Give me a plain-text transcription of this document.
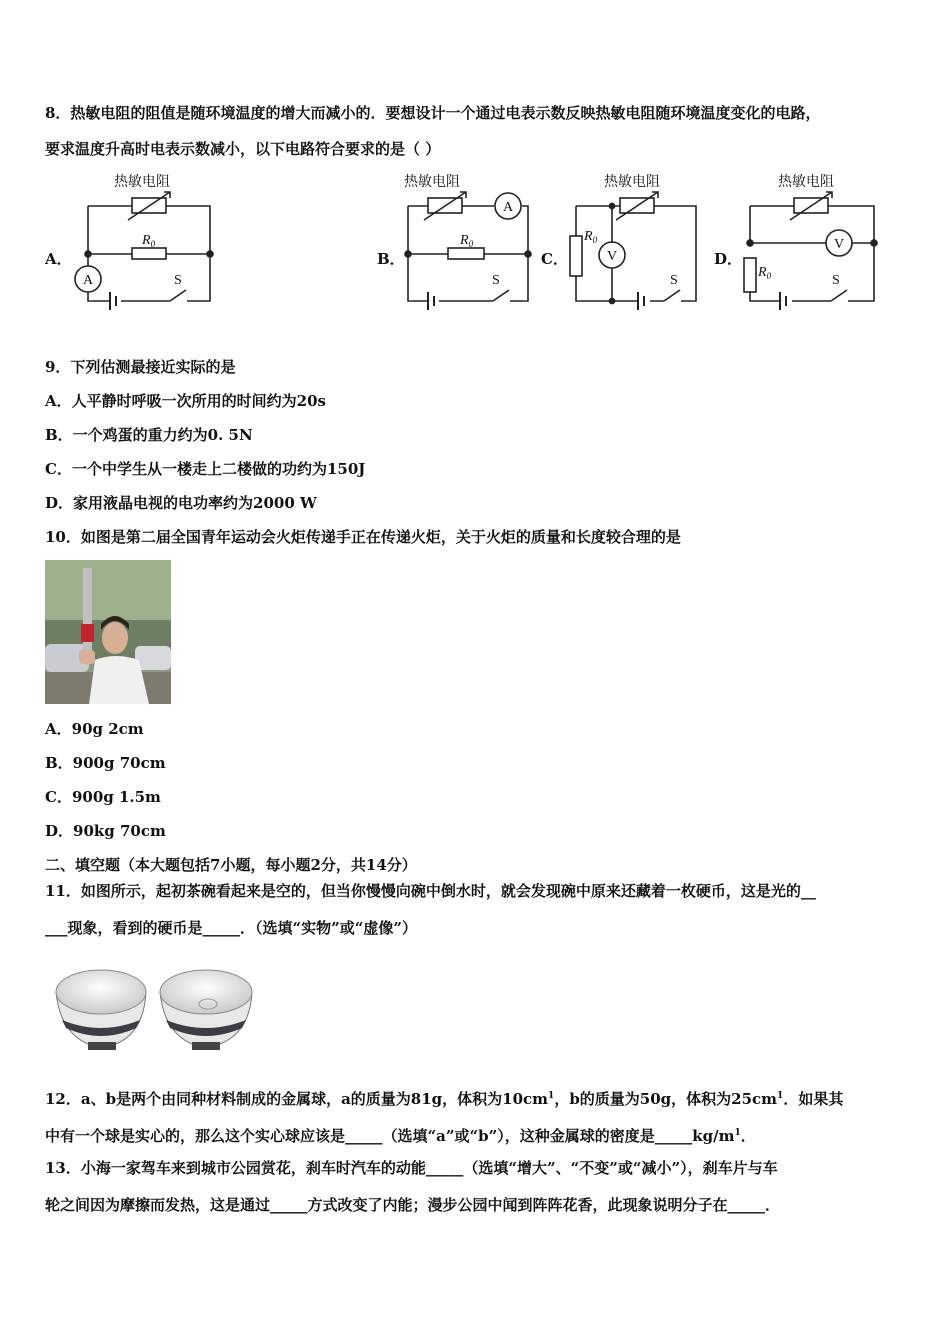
8．热敏电阻的阻值是随环境温度的增大而减小的．要想设计一个通过电表示数反映热敏电阻随环境温度变化的电路，
要求温度升高时电表示数减小，以下电路符合要求的是（ ）
A．
热敏电阻
$R_0$
A	S
B．
热敏电阻
A
$R_0$
S
C．
热敏电阻
$R_0$
V
S
D．
热敏电阻
V
$R_0$	S
9．下列估测最接近实际的是
A．人平静时呼吸一次所用的时间约为20s
B．一个鸡蛋的重力约为0. 5N
C．一个中学生从一楼走上二楼做的功约为150J
D．家用液晶电视的电功率约为2000 W
10．如图是第二届全国青年运动会火炬传递手正在传递火炬，关于火炬的质量和长度较合理的是
A．90g 2cm
B．900g 70cm
C．900g 1.5m
D．90kg 70cm
二、填空题（本大题包括7小题，每小题2分，共14分）
11．如图所示，起初茶碗看起来是空的，但当你慢慢向碗中倒水时，就会发现碗中原来还藏着一枚硬币，这是光的__
___现象，看到的硬币是_____．（选填“实物”或“虚像”）
12．a、b是两个由同种材料制成的金属球，a的质量为81g，体积为$10cm^1$，b的质量为50g，体积为$25cm^1$．如果其
中有一个球是实心的，那么这个实心球应该是_____（选填“a”或“b”），这种金属球的密度是$\_\_\_\_\_kg/m^1$．
13．小海一家驾车来到城市公园赏花，刹车时汽车的动能_____（选填“增大”、“不变”或“减小”），刹车片与车
轮之间因为摩擦而发热，这是通过_____方式改变了内能；漫步公园中闻到阵阵花香，此现象说明分子在_____．
